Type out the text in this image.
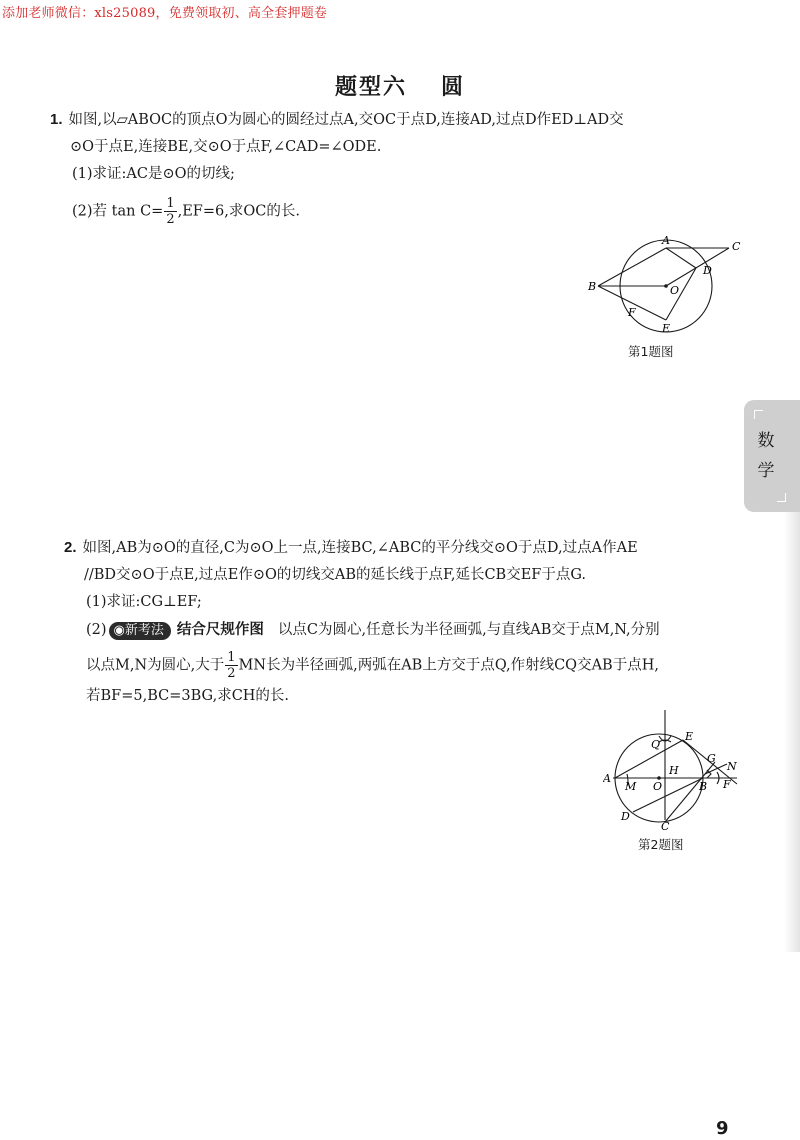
添加老师微信：xls25089，免费领取初、高全套押题卷
题型六 圆
1. 如图,以▱ABOC的顶点O为圆心的圆经过点A,交OC于点D,连接AD,过点D作ED⊥AD交
⊙O于点E,连接BE,交⊙O于点F,∠CAD=∠ODE.
(1)求证:AC是⊙O的切线;
(2)若 $\tan C= \frac{1}{2} ,EF=6$,求OC的长.
A	C
D
B	O
F
E
第1题图
数
学
2. 如图,AB为⊙O的直径,C为⊙O上一点,连接BC,∠ABC的平分线交⊙O于点D,过点A作AE
//BD交⊙O于点E,过点E作⊙O的切线交AB的延长线于点F,延长CB交EF于点G.
(1)求证:CG⊥EF;
(2) ◉新考法 结合尺规作图 以点C为圆心,任意长为半径画弧,与直线AB交于点M,N,分别
以点M,N为圆心,大于 $\frac{1}{2}$ MN长为半径画弧,两弧在AB上方交于点Q,作射线CQ交AB于点H,
若BF=5,BC=3BG,求CH的长.
Q
E
G
N
H
A
M O	B F
D
C
第2题图
9
